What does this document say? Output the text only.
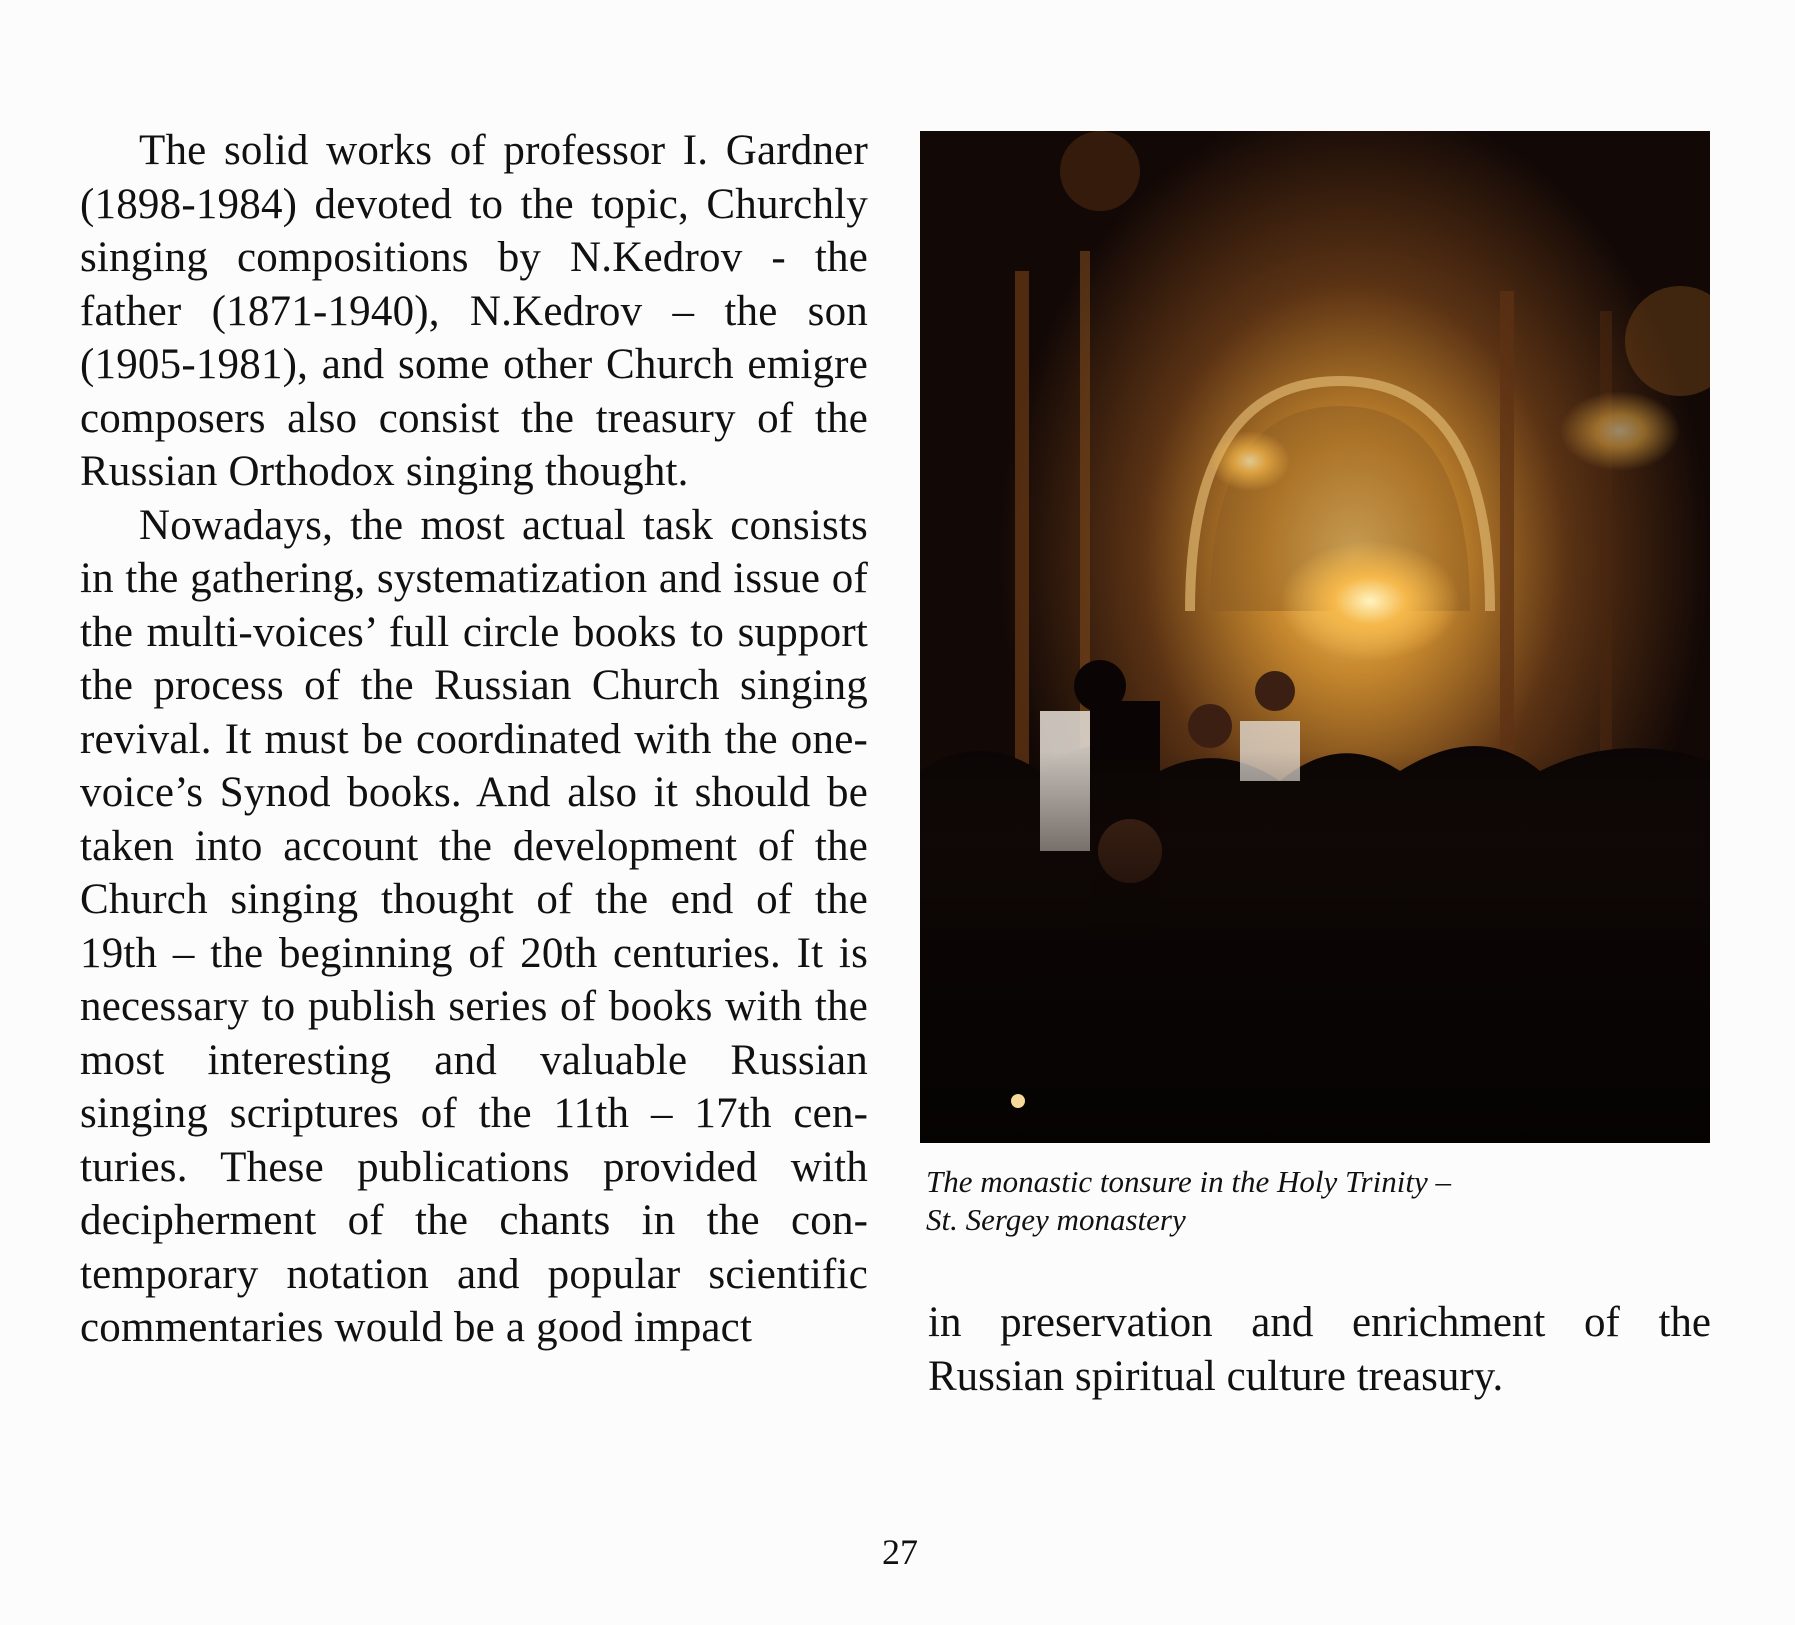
The solid works of professor I. Gardner (1898-1984) devoted to the topic, Churchly singing compositions by N.Kedrov - the father (1871-1940), N.Kedrov – the son (1905-1981), and some other Church emigre composers also consist the treasury of the Russian Orthodox singing thought.

Nowadays, the most actual task consists in the gathering, systematization and issue of the multi-voices’ full circle books to support the process of the Russian Church singing revival. It must be coordinated with the one-voice’s Synod books. And also it should be taken into account the development of the Church singing thought of the end of the 19th – the beginning of 20th centuries. It is necessary to publish series of books with the most interesting and valuable Russian singing scriptures of the 11th – 17th centuries. These publications provided with decipherment of the chants in the contemporary notation and popular scientific commentaries would be a good impact

The monastic tonsure in the Holy Trinity –
St. Sergey monastery
in preservation and enrichment of the
Russian spiritual culture treasury.
27
